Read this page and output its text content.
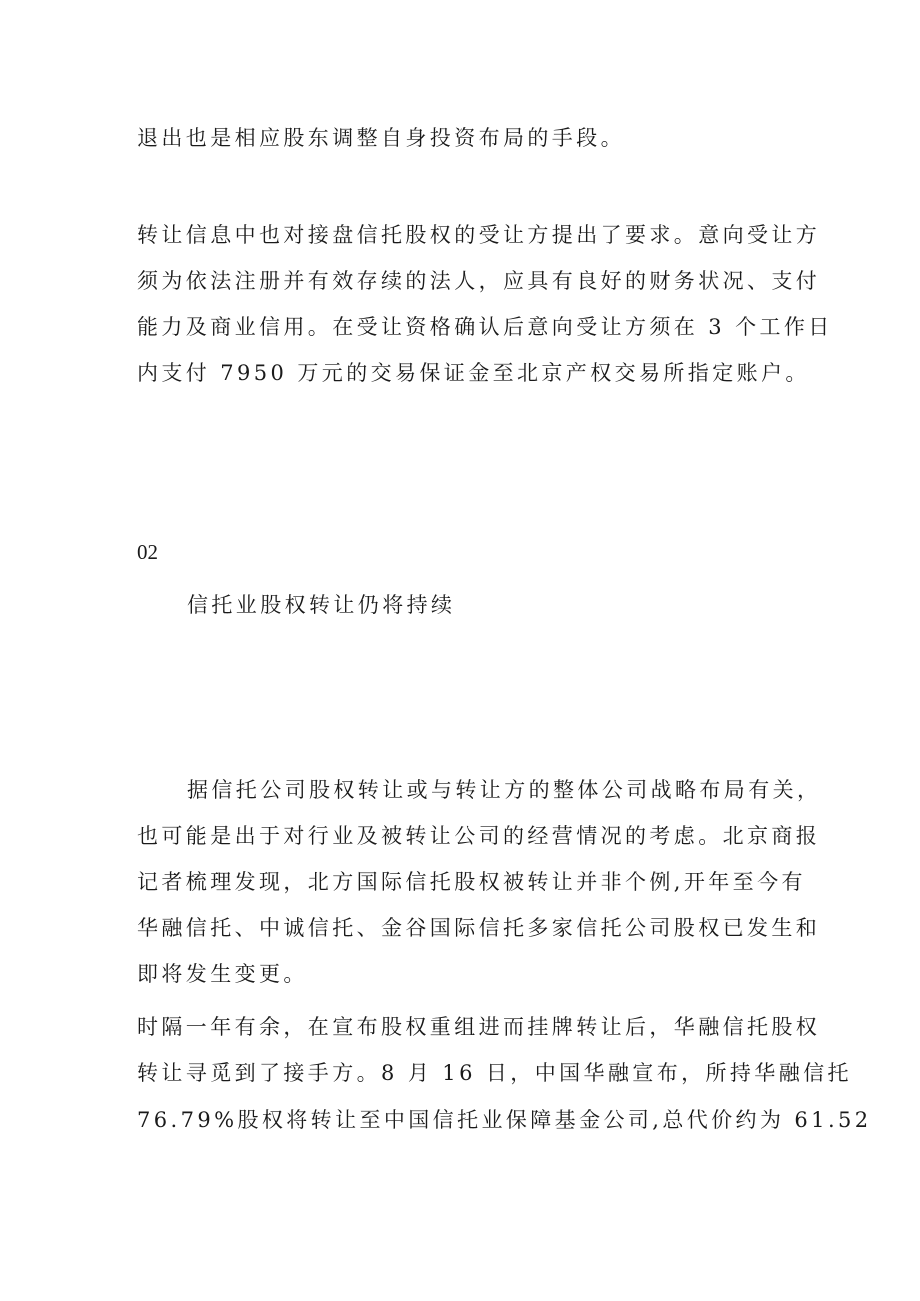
退出也是相应股东调整自身投资布局的手段。
转让信息中也对接盘信托股权的受让方提出了要求。意向受让方
须为依法注册并有效存续的法人，应具有良好的财务状况、支付
能力及商业信用。在受让资格确认后意向受让方须在 3 个工作日
内支付 7950 万元的交易保证金至北京产权交易所指定账户。
02
信托业股权转让仍将持续
据信托公司股权转让或与转让方的整体公司战略布局有关，
也可能是出于对行业及被转让公司的经营情况的考虑。北京商报
记者梳理发现，北方国际信托股权被转让并非个例,开年至今有
华融信托、中诚信托、金谷国际信托多家信托公司股权已发生和
即将发生变更。
时隔一年有余，在宣布股权重组进而挂牌转让后，华融信托股权
转让寻觅到了接手方。8 月 16 日，中国华融宣布，所持华融信托
76.79%股权将转让至中国信托业保障基金公司,总代价约为 61.52
